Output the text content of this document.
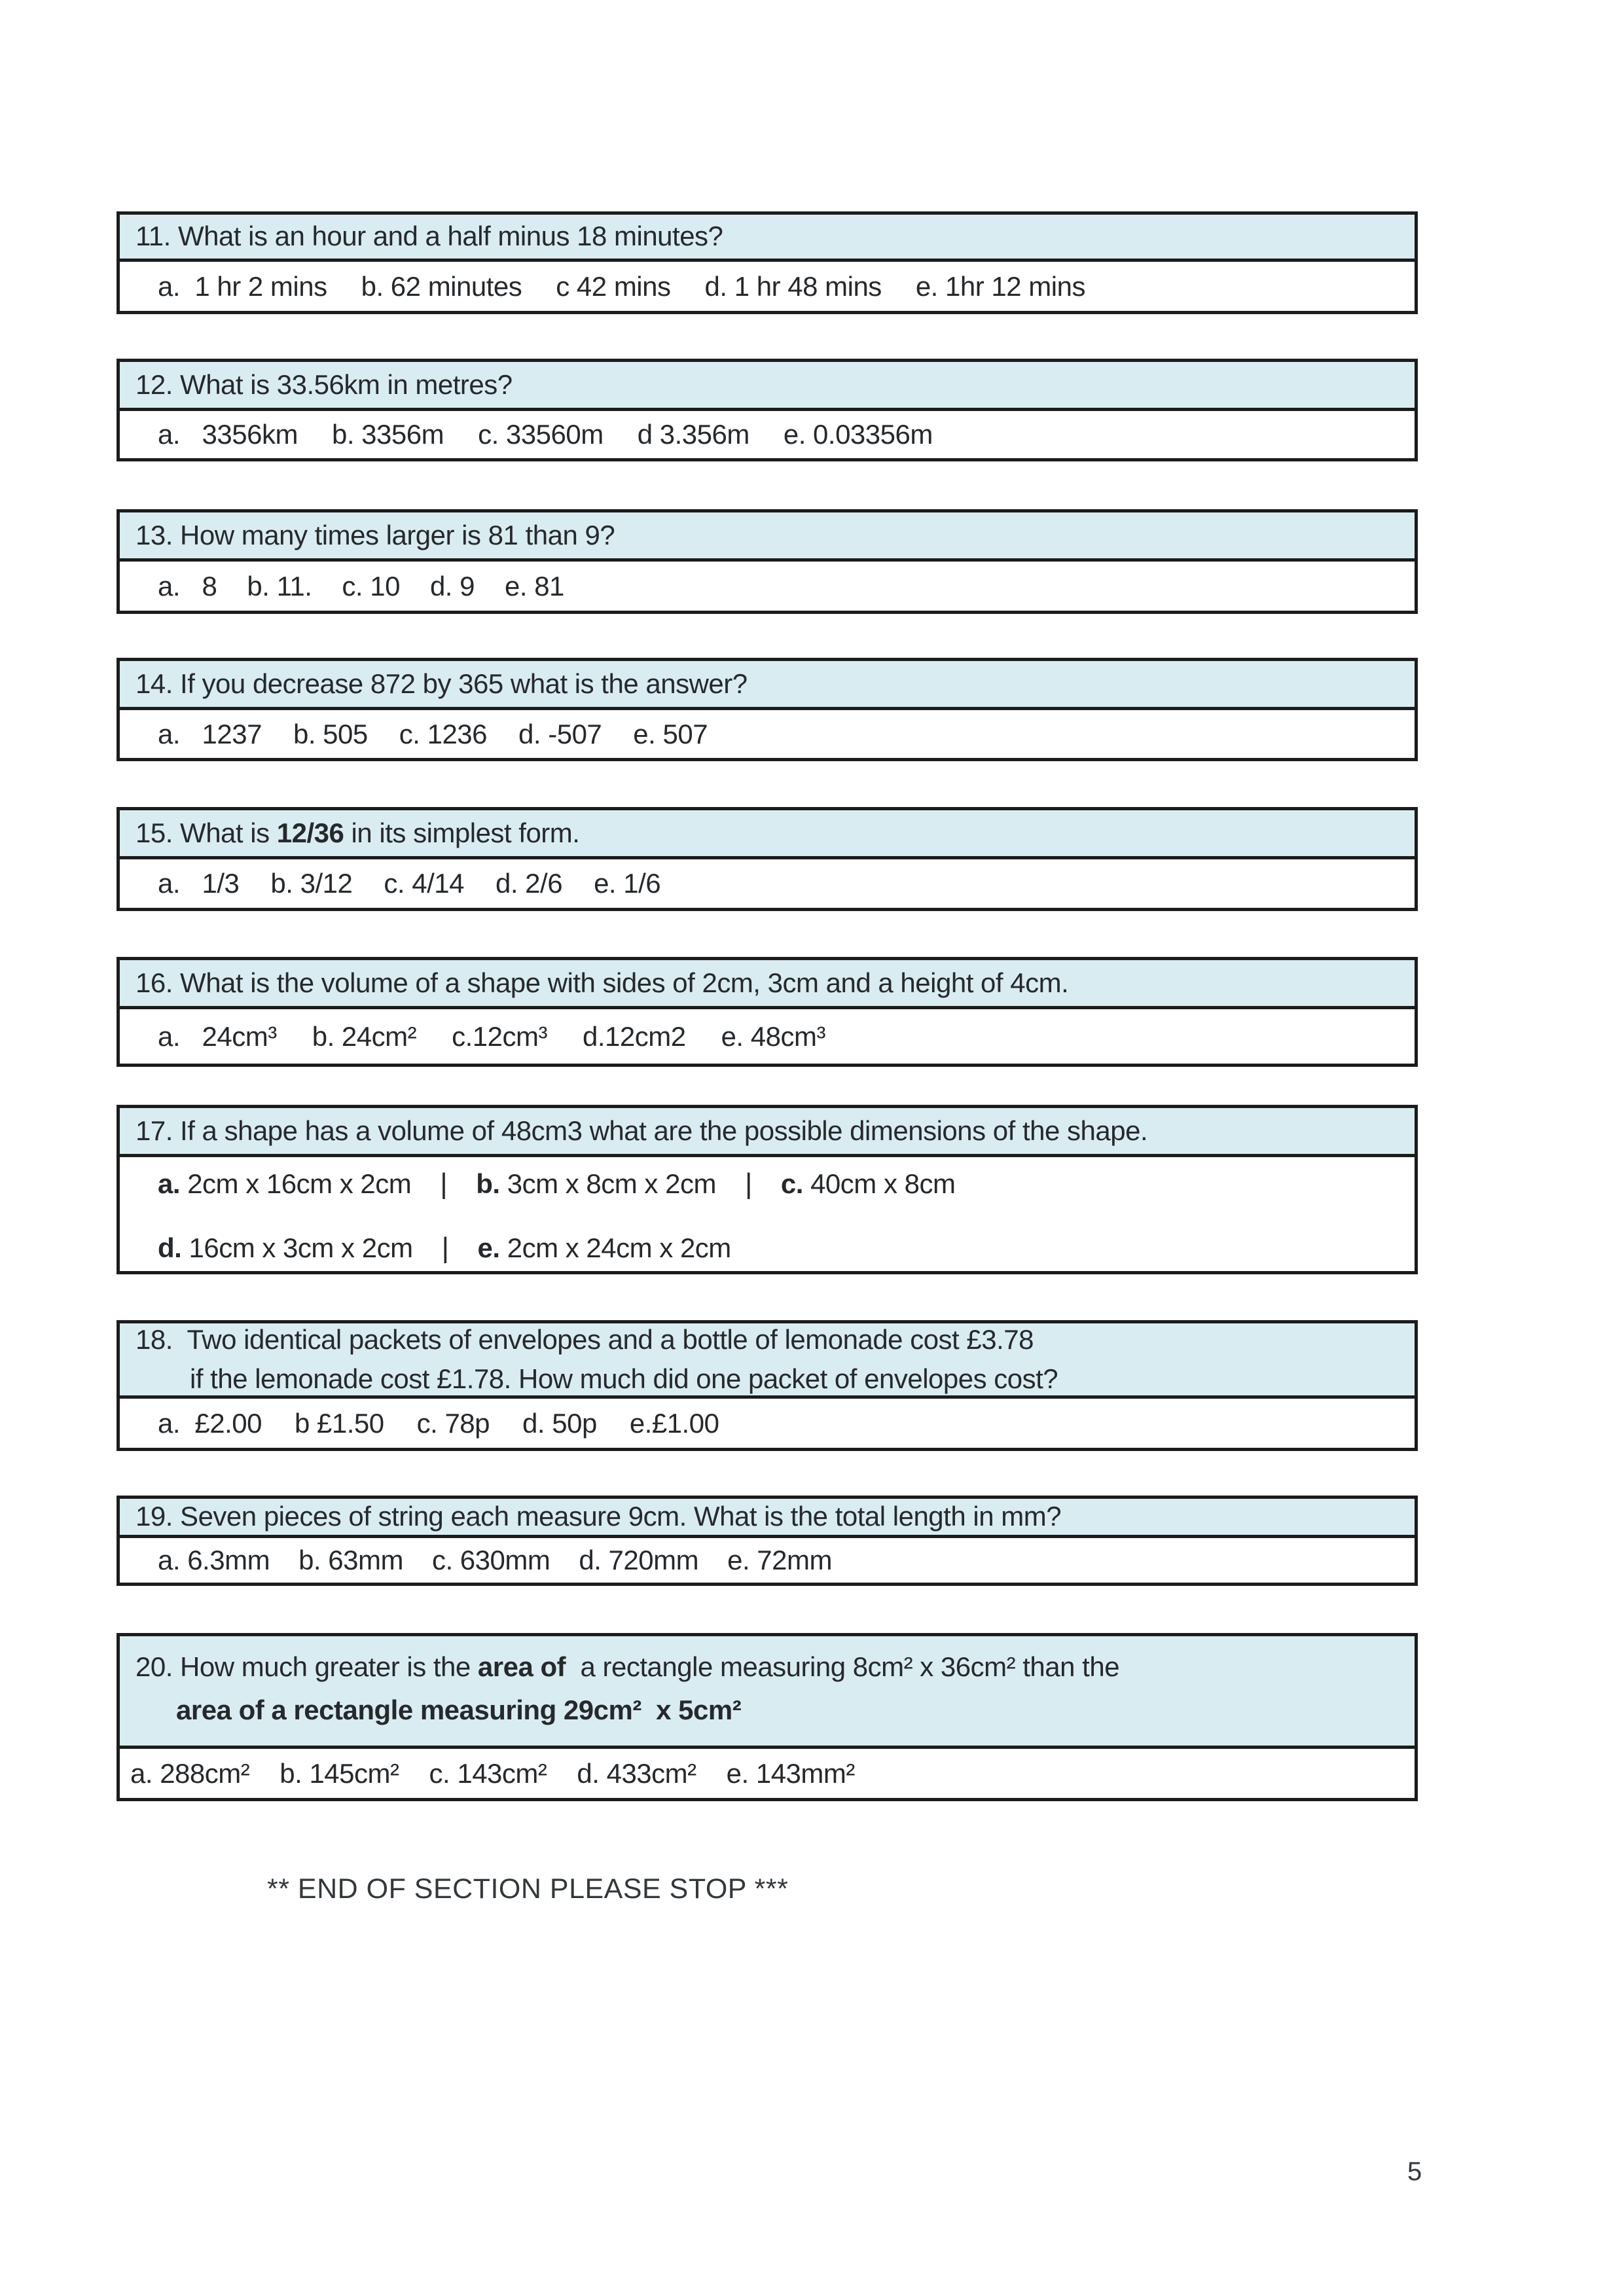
11. What is an hour and a half minus 18 minutes?
a.  1 hr 2 mins b. 62 minutes c 42 mins d. 1 hr 48 mins e. 1hr 12 mins
12. What is 33.56km in metres?
a.   3356km b. 3356m c. 33560m d 3.356m e. 0.03356m
13. How many times larger is 81 than 9?
a.   8 b. 11. c. 10 d. 9 e. 81
14. If you decrease 872 by 365 what is the answer?
a.   1237 b. 505 c. 1236 d. -507 e. 507
15. What is 12/36 in its simplest form.
a.   1/3 b. 3/12 c. 4/14 d. 2/6 e. 1/6
16. What is the volume of a shape with sides of 2cm, 3cm and a height of 4cm.
a.   24cm³ b. 24cm² c.12cm³ d.12cm2 e. 48cm³
17. If a shape has a volume of 48cm3 what are the possible dimensions of the shape.
a. 2cm x 16cm x 2cm | b. 3cm x 8cm x 2cm | c. 40cm x 8cm
d. 16cm x 3cm x 2cm | e. 2cm x 24cm x 2cm
18.  Two identical packets of envelopes and a bottle of lemonade cost £3.78
if the lemonade cost £1.78. How much did one packet of envelopes cost?
a.  £2.00 b £1.50 c. 78p d. 50p e.£1.00
19. Seven pieces of string each measure 9cm. What is the total length in mm?
a. 6.3mm b. 63mm c. 630mm d. 720mm e. 72mm
20. How much greater is the area of  a rectangle measuring 8cm² x 36cm² than the
area of a rectangle measuring 29cm²  x 5cm²
a. 288cm² b. 145cm² c. 143cm² d. 433cm² e. 143mm²
** END OF SECTION PLEASE STOP ***
5
